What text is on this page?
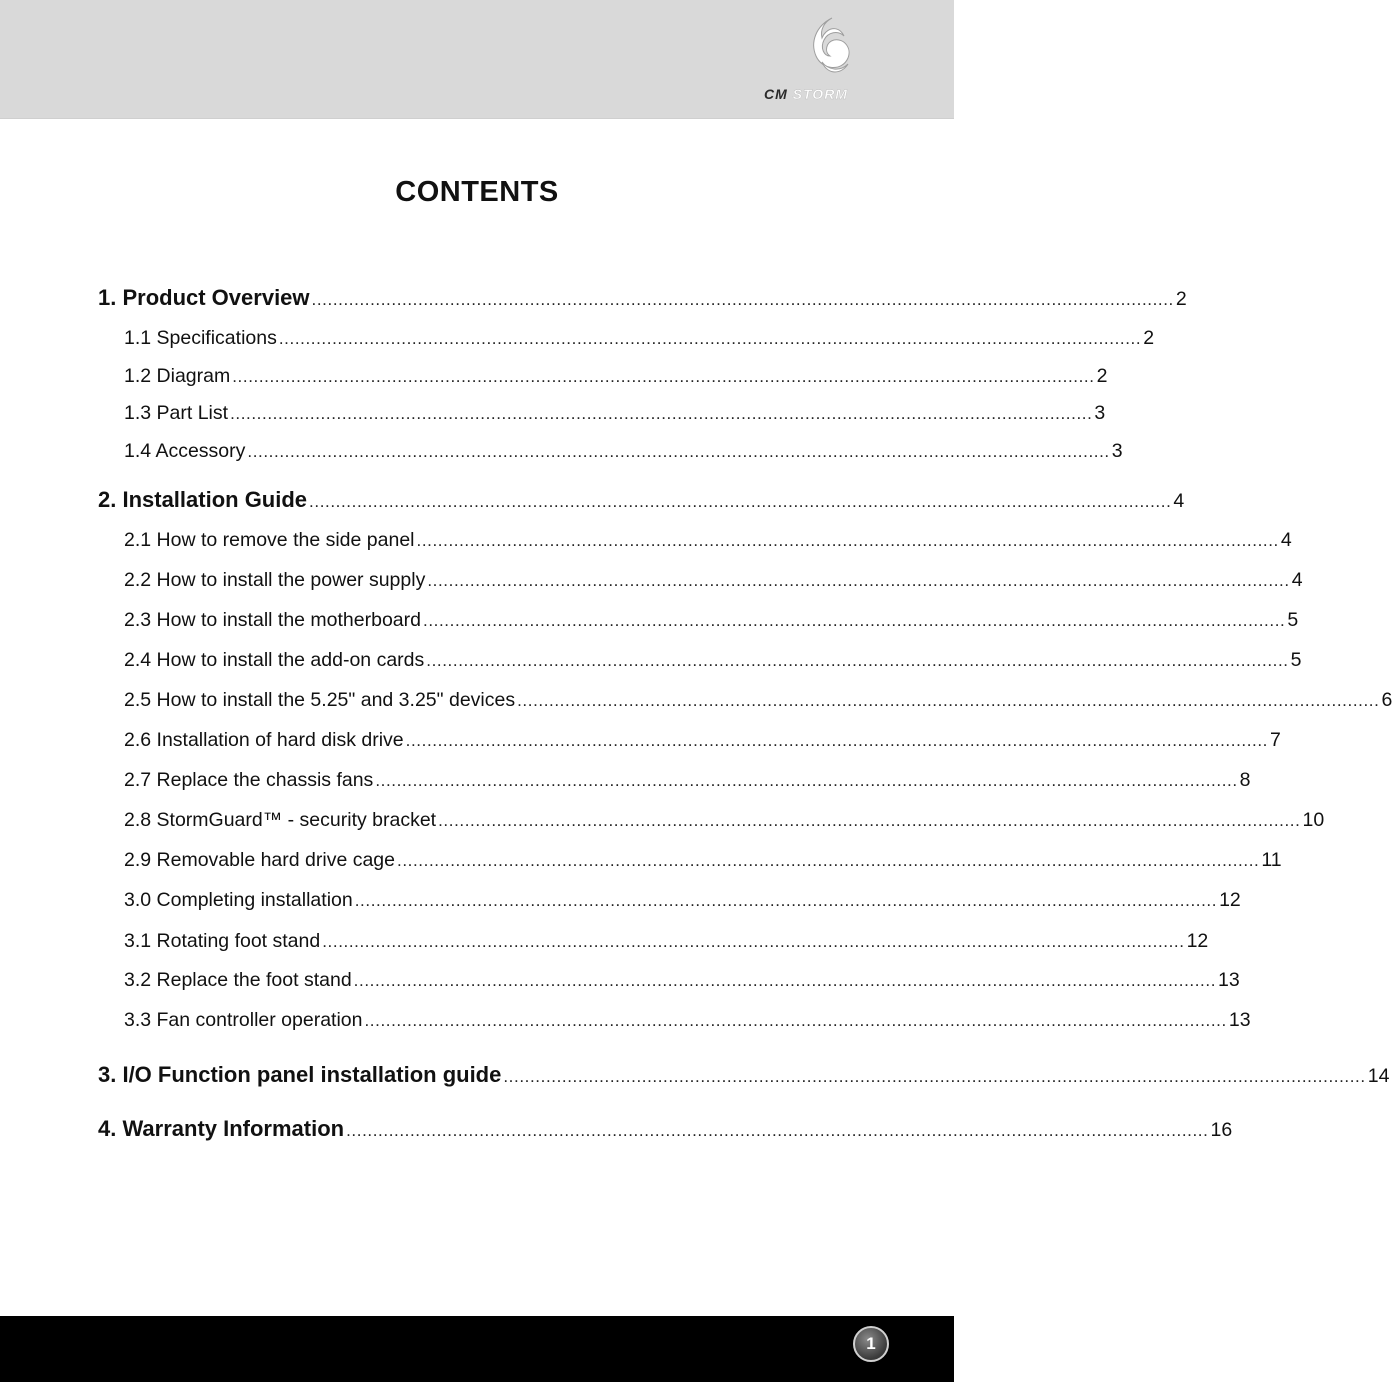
CM STORM
CONTENTS
1. Product Overview .................................................................................................................................................................. 2
1.1 Specifications .................................................................................................................................................................. 2
1.2 Diagram .................................................................................................................................................................. 2
1.3 Part List .................................................................................................................................................................. 3
1.4 Accessory .................................................................................................................................................................. 3
2. Installation Guide .................................................................................................................................................................. 4
2.1 How to remove the side panel .................................................................................................................................................................. 4
2.2 How to install the power supply .................................................................................................................................................................. 4
2.3 How to install the motherboard .................................................................................................................................................................. 5
2.4 How to install the add-on cards .................................................................................................................................................................. 5
2.5 How to install the 5.25" and 3.25" devices .................................................................................................................................................................. 6
2.6 Installation of hard disk drive .................................................................................................................................................................. 7
2.7 Replace the chassis fans .................................................................................................................................................................. 8
2.8 StormGuard™ - security bracket .................................................................................................................................................................. 10
2.9 Removable hard drive cage .................................................................................................................................................................. 11
3.0 Completing installation .................................................................................................................................................................. 12
3.1 Rotating foot stand .................................................................................................................................................................. 12
3.2 Replace the foot stand .................................................................................................................................................................. 13
3.3 Fan controller operation .................................................................................................................................................................. 13
3. I/O Function panel installation guide .................................................................................................................................................................. 14
4. Warranty Information .................................................................................................................................................................. 16
1
